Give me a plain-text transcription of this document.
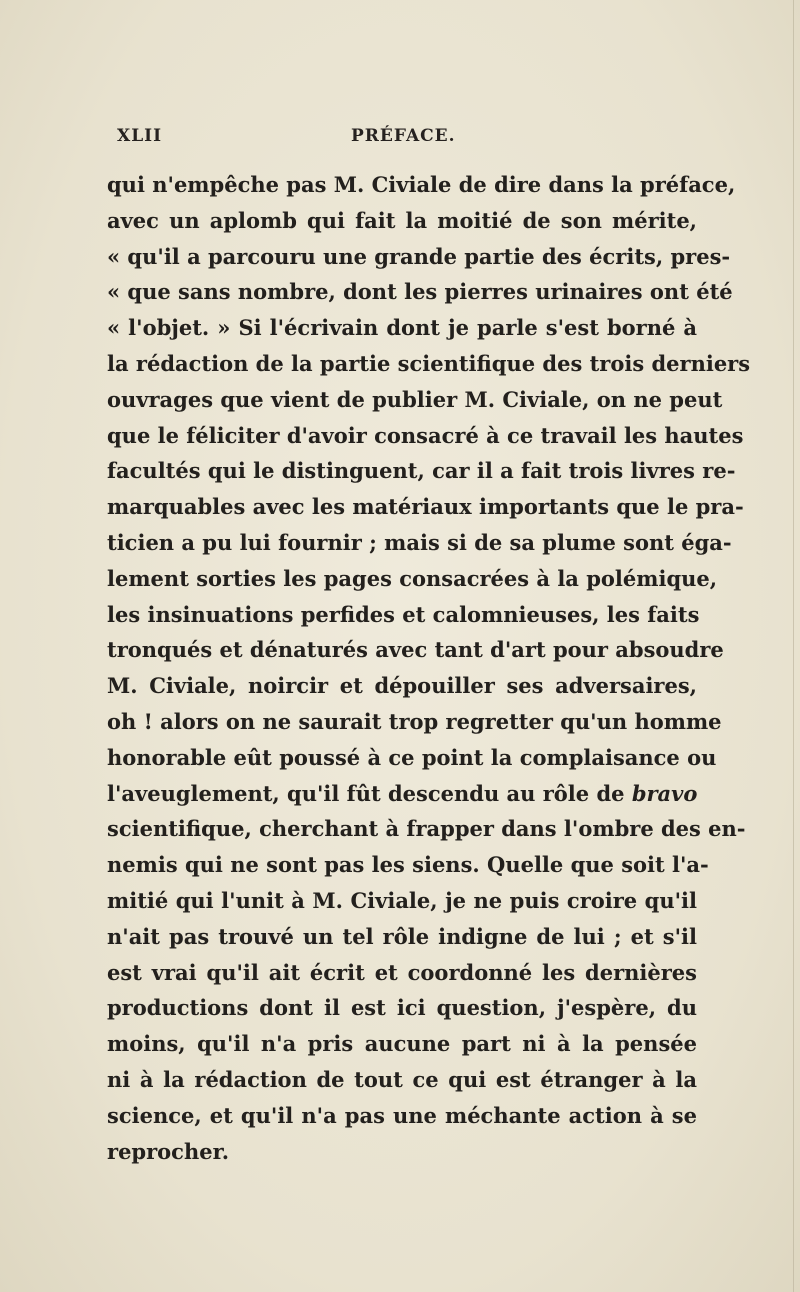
XLII	PRÉFACE.
qui n'empêche pas M. Civiale de dire dans la préface,
avec un aplomb qui fait la moitié de son mérite,
« qu'il a parcouru une grande partie des écrits, pres-
« que sans nombre, dont les pierres urinaires ont été
« l'objet. » Si l'écrivain dont je parle s'est borné à
la rédaction de la partie scientifique des trois derniers
ouvrages que vient de publier M. Civiale, on ne peut
que le féliciter d'avoir consacré à ce travail les hautes
facultés qui le distinguent, car il a fait trois livres re-
marquables avec les matériaux importants que le pra-
ticien a pu lui fournir ; mais si de sa plume sont éga-
lement sorties les pages consacrées à la polémique,
les insinuations perfides et calomnieuses, les faits
tronqués et dénaturés avec tant d'art pour absoudre
M. Civiale, noircir et dépouiller ses adversaires,
oh ! alors on ne saurait trop regretter qu'un homme
honorable eût poussé à ce point la complaisance ou
l'aveuglement, qu'il fût descendu au rôle de bravo
scientifique, cherchant à frapper dans l'ombre des en-
nemis qui ne sont pas les siens. Quelle que soit l'a-
mitié qui l'unit à M. Civiale, je ne puis croire qu'il
n'ait pas trouvé un tel rôle indigne de lui ; et s'il
est vrai qu'il ait écrit et coordonné les dernières
productions dont il est ici question, j'espère, du
moins, qu'il n'a pris aucune part ni à la pensée
ni à la rédaction de tout ce qui est étranger à la
science, et qu'il n'a pas une méchante action à se
reprocher.
